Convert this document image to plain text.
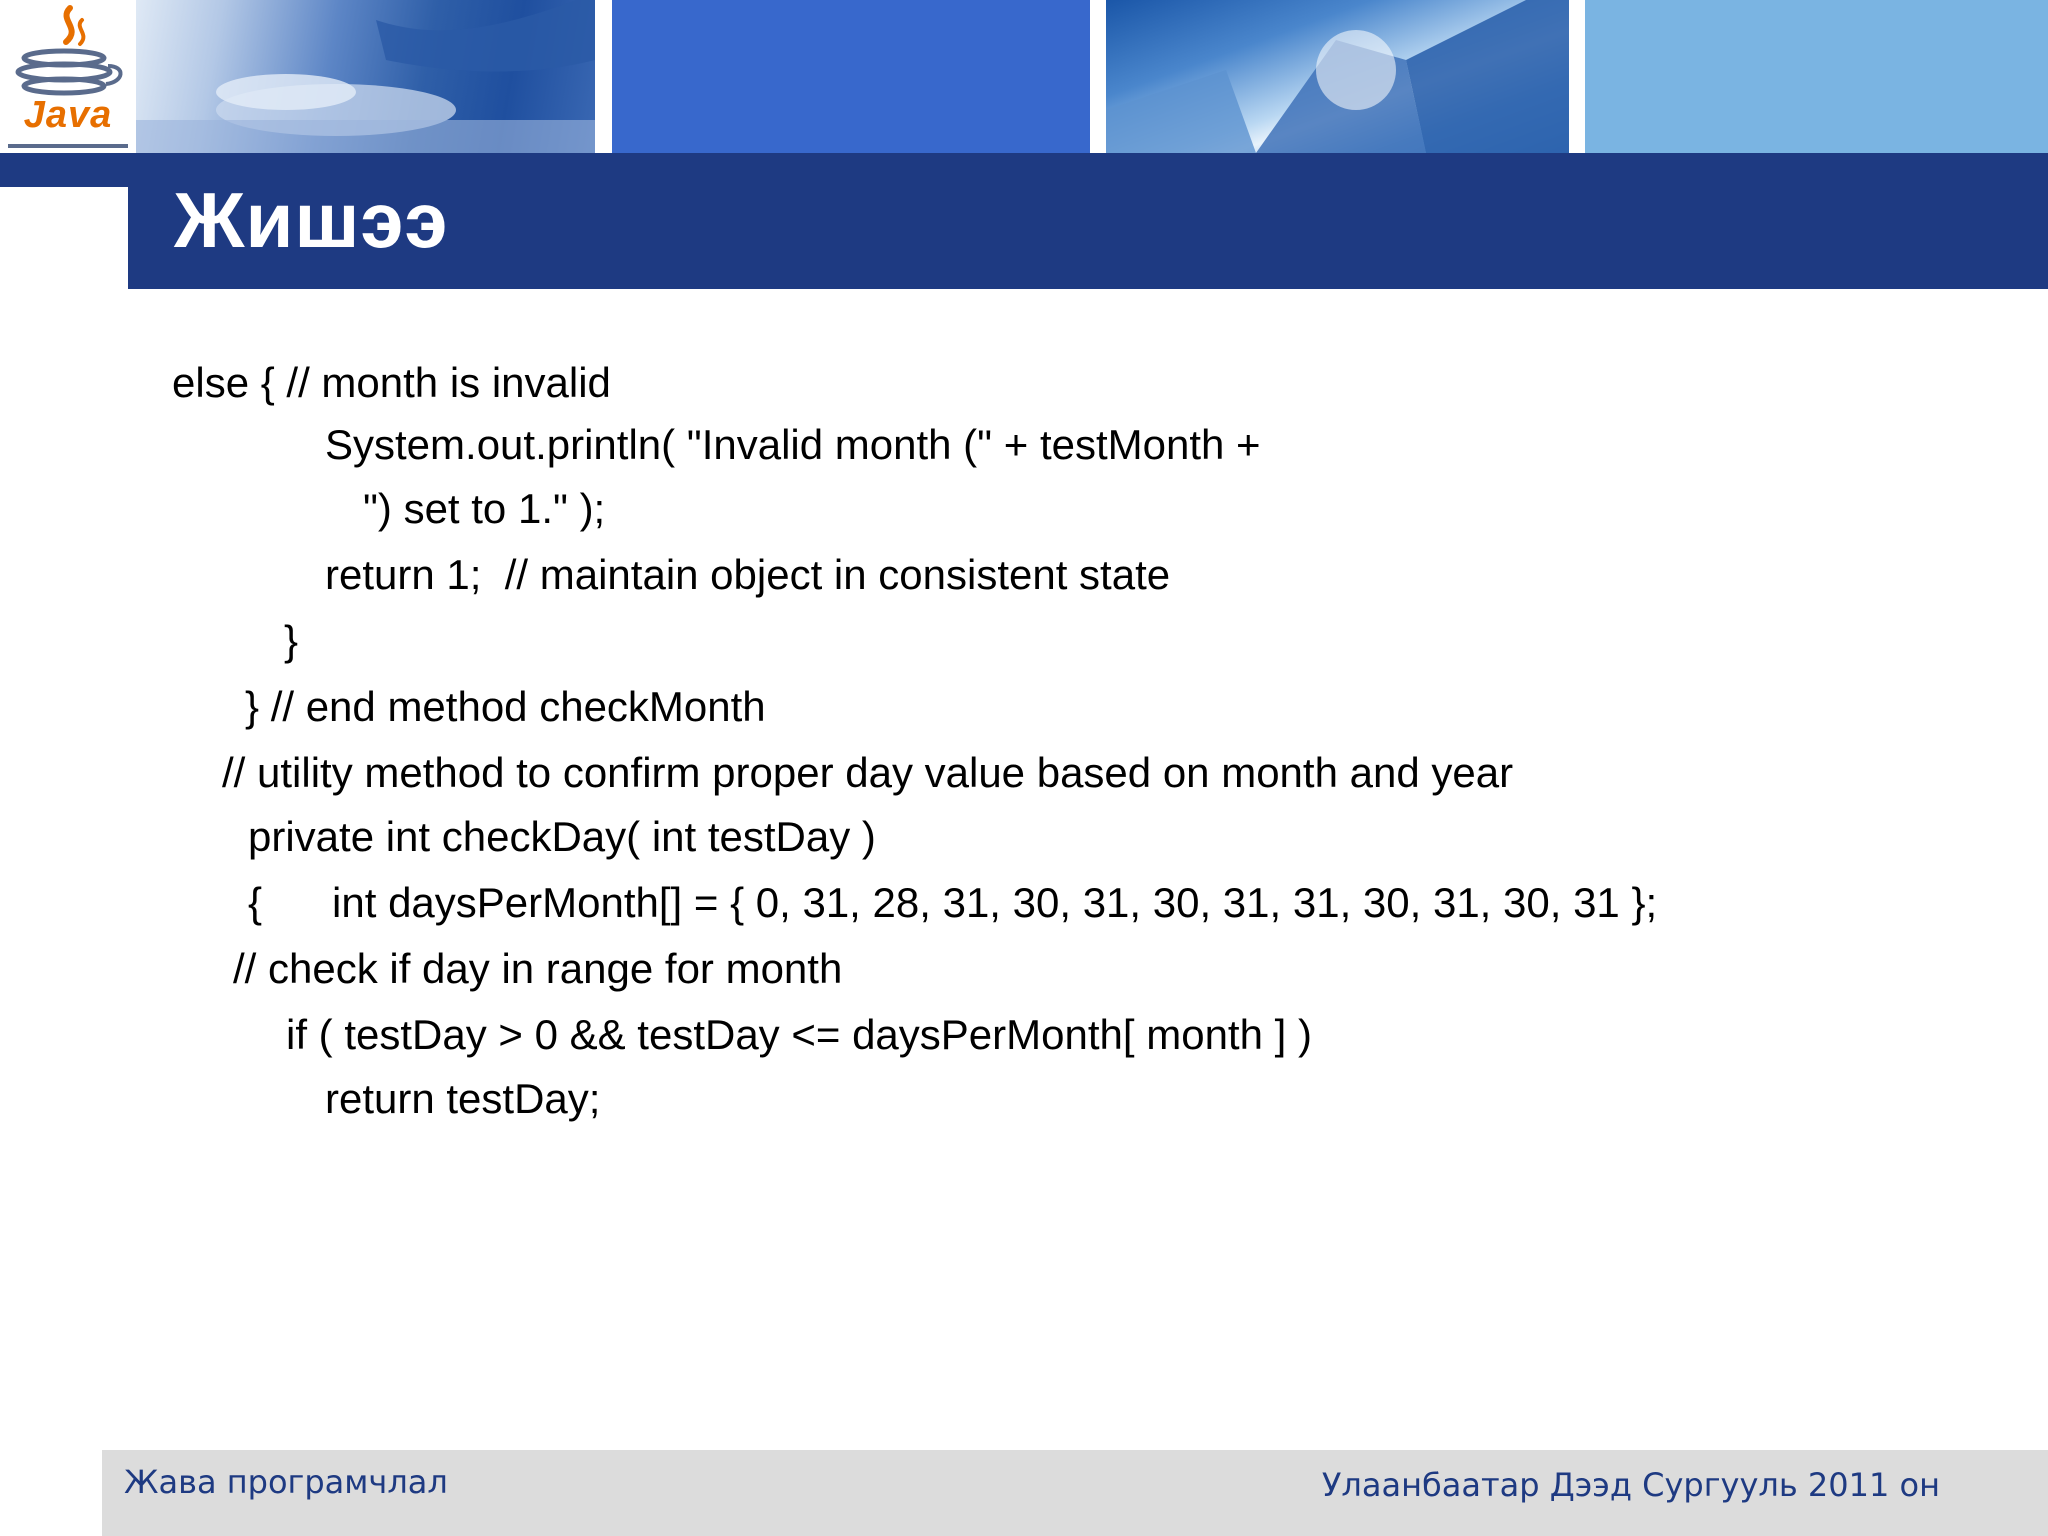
Java
Жишээ

else { // month is invalid

System.out.println( "Invalid month (" + testMonth +

") set to 1." );

return 1;  // maintain object in consistent state

}

} // end method checkMonth

// utility method to confirm proper day value based on month and year

private int checkDay( int testDay )

{      int daysPerMonth[] = { 0, 31, 28, 31, 30, 31, 30, 31, 31, 30, 31, 30, 31 };

// check if day in range for month

if ( testDay > 0 && testDay <= daysPerMonth[ month ] )

return testDay;

Жава програмчлал	Улаанбаатар Дээд Сургууль 2011 он
